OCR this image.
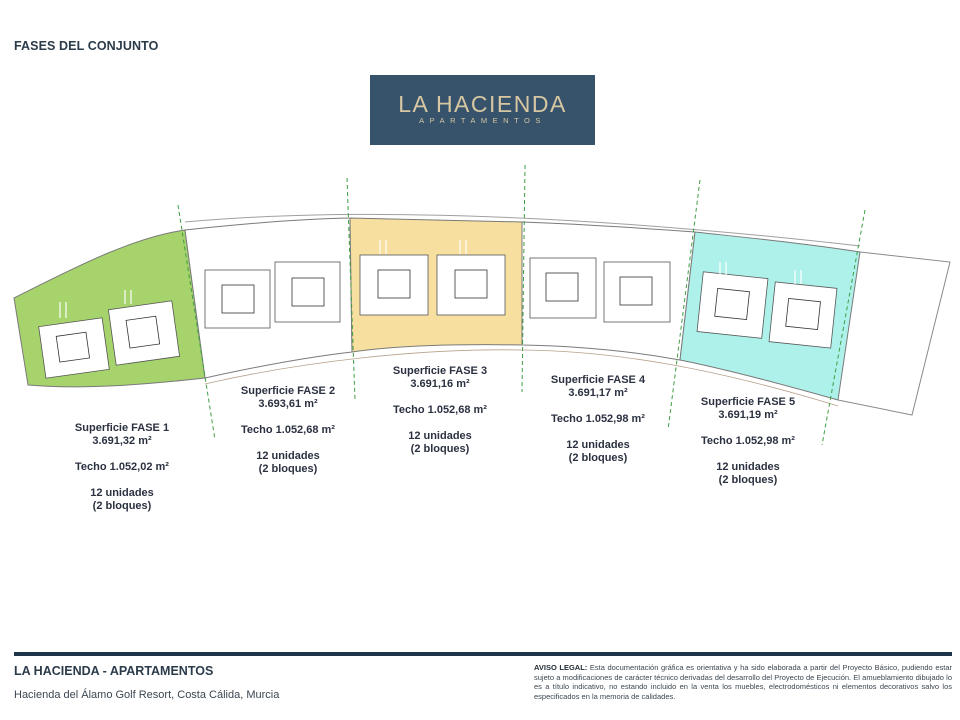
FASES DEL CONJUNTO
LA HACIENDA
APARTAMENTOS
Superficie FASE 1
3.691,32 m²
Techo 1.052,02 m²
12 unidades
(2 bloques)
Superficie FASE 2
3.693,61 m²
Techo 1.052,68 m²
12 unidades
(2 bloques)
Superficie FASE 3
3.691,16 m²
Techo 1.052,68 m²
12 unidades
(2 bloques)
Superficie FASE 4
3.691,17 m²
Techo 1.052,98 m²
12 unidades
(2 bloques)
Superficie FASE 5
3.691,19 m²
Techo 1.052,98 m²
12 unidades
(2 bloques)
LA HACIENDA - APARTAMENTOS
Hacienda del Álamo Golf Resort, Costa Cálida, Murcia
AVISO LEGAL: Esta documentación gráfica es orientativa y ha sido elaborada a partir del Proyecto Básico, pudiendo estar sujeto a modificaciones de carácter técnico derivadas del desarrollo del Proyecto de Ejecución. El amueblamiento dibujado lo es a título indicativo, no estando incluido en la venta los muebles, electrodomésticos ni elementos decorativos salvo los especificados en la memoria de calidades.
